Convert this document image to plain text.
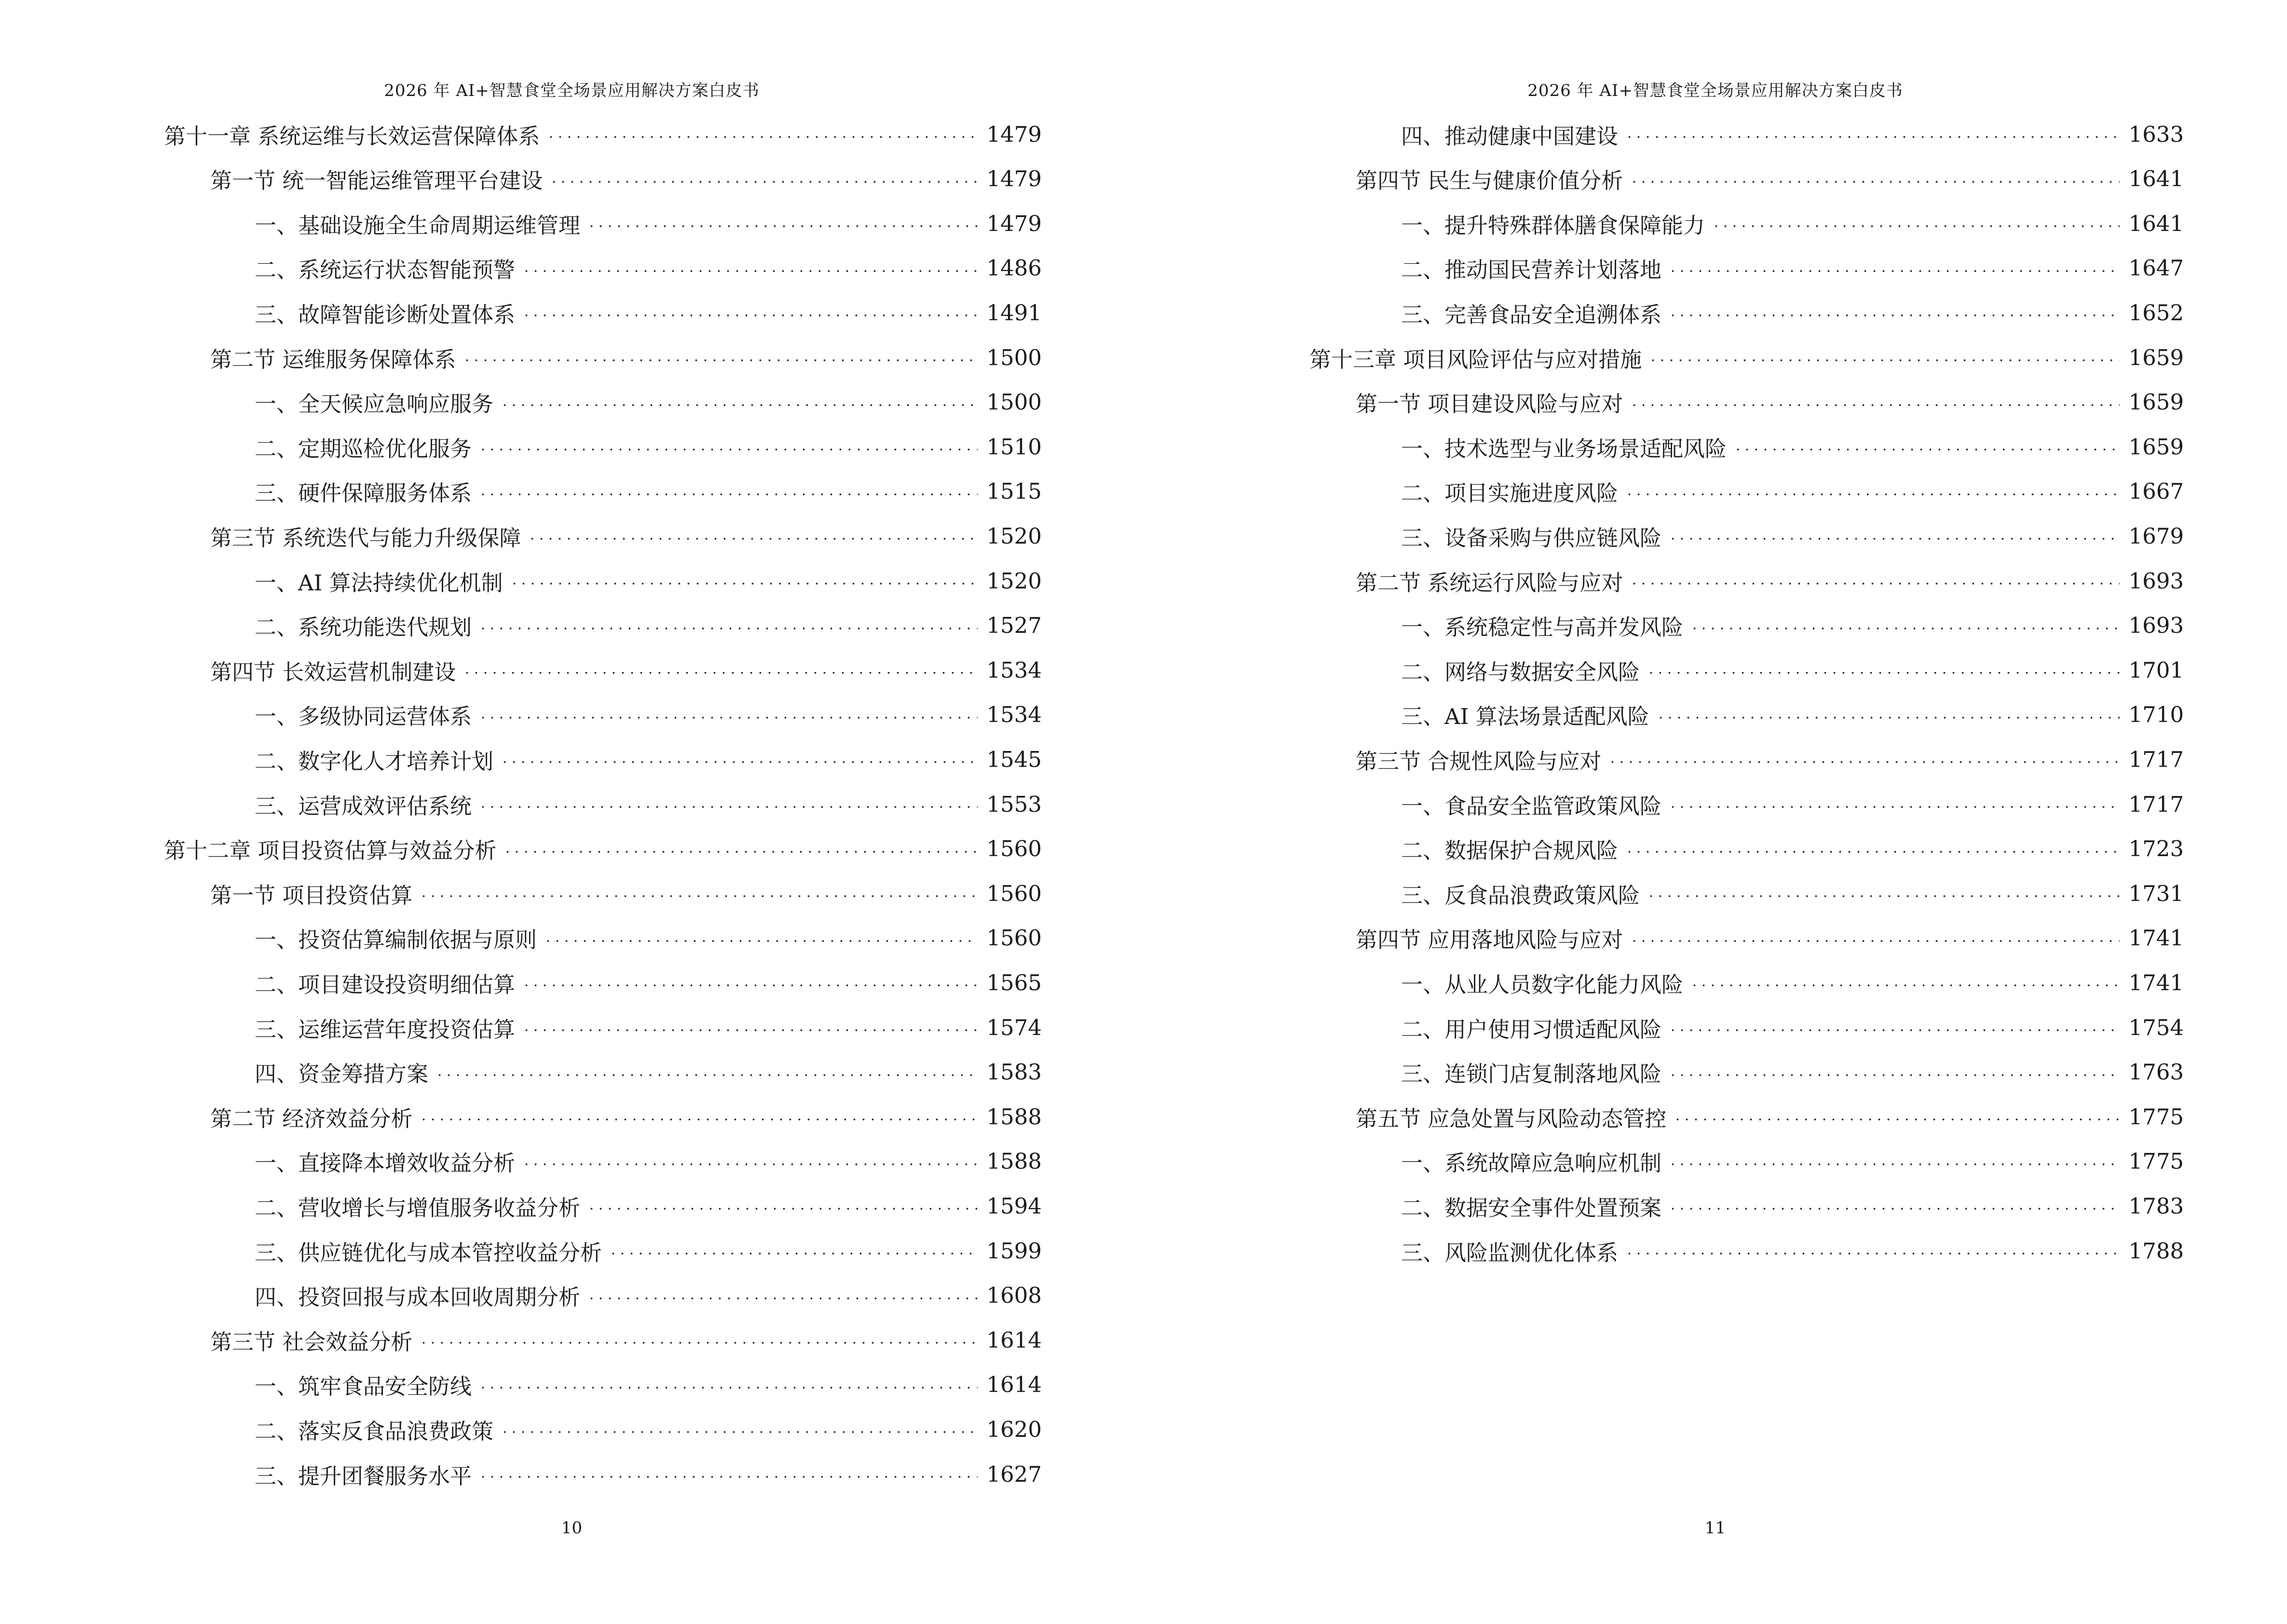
2026 年 AI+智慧食堂全场景应用解决方案白皮书
第十一章 系统运维与长效运营保障体系	1479
第一节 统一智能运维管理平台建设	1479
一、基础设施全生命周期运维管理	1479
二、系统运行状态智能预警	1486
三、故障智能诊断处置体系	1491
第二节 运维服务保障体系	1500
一、全天候应急响应服务	1500
二、定期巡检优化服务	1510
三、硬件保障服务体系	1515
第三节 系统迭代与能力升级保障	1520
一、AI 算法持续优化机制	1520
二、系统功能迭代规划	1527
第四节 长效运营机制建设	1534
一、多级协同运营体系	1534
二、数字化人才培养计划	1545
三、运营成效评估系统	1553
第十二章 项目投资估算与效益分析	1560
第一节 项目投资估算	1560
一、投资估算编制依据与原则	1560
二、项目建设投资明细估算	1565
三、运维运营年度投资估算	1574
四、资金筹措方案	1583
第二节 经济效益分析	1588
一、直接降本增效收益分析	1588
二、营收增长与增值服务收益分析	1594
三、供应链优化与成本管控收益分析	1599
四、投资回报与成本回收周期分析	1608
第三节 社会效益分析	1614
一、筑牢食品安全防线	1614
二、落实反食品浪费政策	1620
三、提升团餐服务水平	1627
10
2026 年 AI+智慧食堂全场景应用解决方案白皮书
四、推动健康中国建设	1633
第四节 民生与健康价值分析	1641
一、提升特殊群体膳食保障能力	1641
二、推动国民营养计划落地	1647
三、完善食品安全追溯体系	1652
第十三章 项目风险评估与应对措施	1659
第一节 项目建设风险与应对	1659
一、技术选型与业务场景适配风险	1659
二、项目实施进度风险	1667
三、设备采购与供应链风险	1679
第二节 系统运行风险与应对	1693
一、系统稳定性与高并发风险	1693
二、网络与数据安全风险	1701
三、AI 算法场景适配风险	1710
第三节 合规性风险与应对	1717
一、食品安全监管政策风险	1717
二、数据保护合规风险	1723
三、反食品浪费政策风险	1731
第四节 应用落地风险与应对	1741
一、从业人员数字化能力风险	1741
二、用户使用习惯适配风险	1754
三、连锁门店复制落地风险	1763
第五节 应急处置与风险动态管控	1775
一、系统故障应急响应机制	1775
二、数据安全事件处置预案	1783
三、风险监测优化体系	1788
11
